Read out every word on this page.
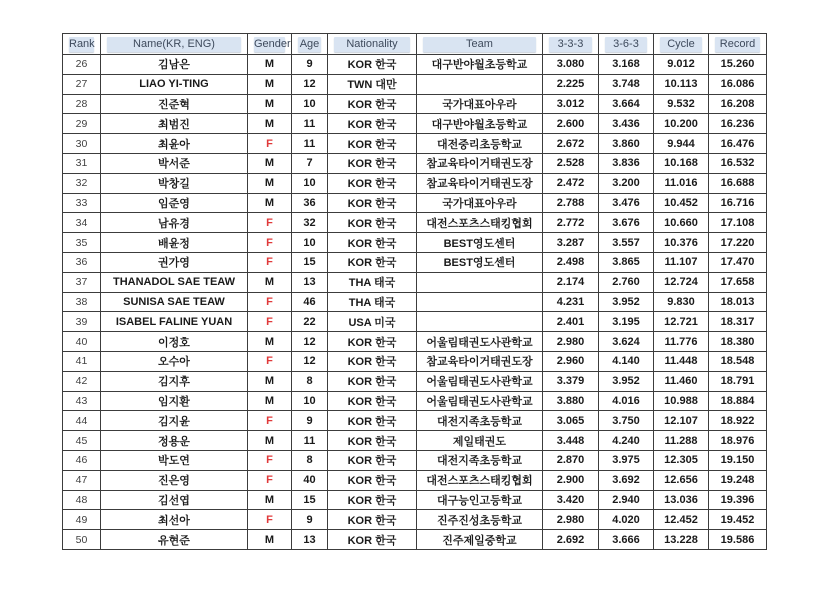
Rank	Name(KR, ENG)	Gender	Age	Nationality	Team	3-3-3	3-6-3	Cycle	Record

26	김남은	M	9	KOR 한국	대구반야월초등학교	3.080	3.168	9.012	15.260
27	LIAO YI-TING	M	12	TWN 대만		2.225	3.748	10.113	16.086
28	진준혁	M	10	KOR 한국	국가대표아우라	3.012	3.664	9.532	16.208
29	최범진	M	11	KOR 한국	대구반야월초등학교	2.600	3.436	10.200	16.236
30	최윤아	F	11	KOR 한국	대전중리초등학교	2.672	3.860	9.944	16.476
31	박서준	M	7	KOR 한국	참교육타이거태권도장	2.528	3.836	10.168	16.532
32	박창길	M	10	KOR 한국	참교육타이거태권도장	2.472	3.200	11.016	16.688
33	임준영	M	36	KOR 한국	국가대표아우라	2.788	3.476	10.452	16.716
34	남유경	F	32	KOR 한국	대전스포츠스태킹협회	2.772	3.676	10.660	17.108
35	배윤정	F	10	KOR 한국	BEST영도센터	3.287	3.557	10.376	17.220
36	권가영	F	15	KOR 한국	BEST영도센터	2.498	3.865	11.107	17.470
37	THANADOL SAE TEAW	M	13	THA 태국		2.174	2.760	12.724	17.658
38	SUNISA SAE TEAW	F	46	THA 태국		4.231	3.952	9.830	18.013
39	ISABEL FALINE YUAN	F	22	USA 미국		2.401	3.195	12.721	18.317
40	이정호	M	12	KOR 한국	어울림태권도사관학교	2.980	3.624	11.776	18.380
41	오수아	F	12	KOR 한국	참교육타이거태권도장	2.960	4.140	11.448	18.548
42	김지후	M	8	KOR 한국	어울림태권도사관학교	3.379	3.952	11.460	18.791
43	임지환	M	10	KOR 한국	어울림태권도사관학교	3.880	4.016	10.988	18.884
44	김지윤	F	9	KOR 한국	대전지족초등학교	3.065	3.750	12.107	18.922
45	정용운	M	11	KOR 한국	제일태권도	3.448	4.240	11.288	18.976
46	박도연	F	8	KOR 한국	대전지족초등학교	2.870	3.975	12.305	19.150
47	진은영	F	40	KOR 한국	대전스포츠스태킹협회	2.900	3.692	12.656	19.248
48	김선엽	M	15	KOR 한국	대구능인고등학교	3.420	2.940	13.036	19.396
49	최선아	F	9	KOR 한국	진주진성초등학교	2.980	4.020	12.452	19.452
50	유현준	M	13	KOR 한국	진주제일중학교	2.692	3.666	13.228	19.586
